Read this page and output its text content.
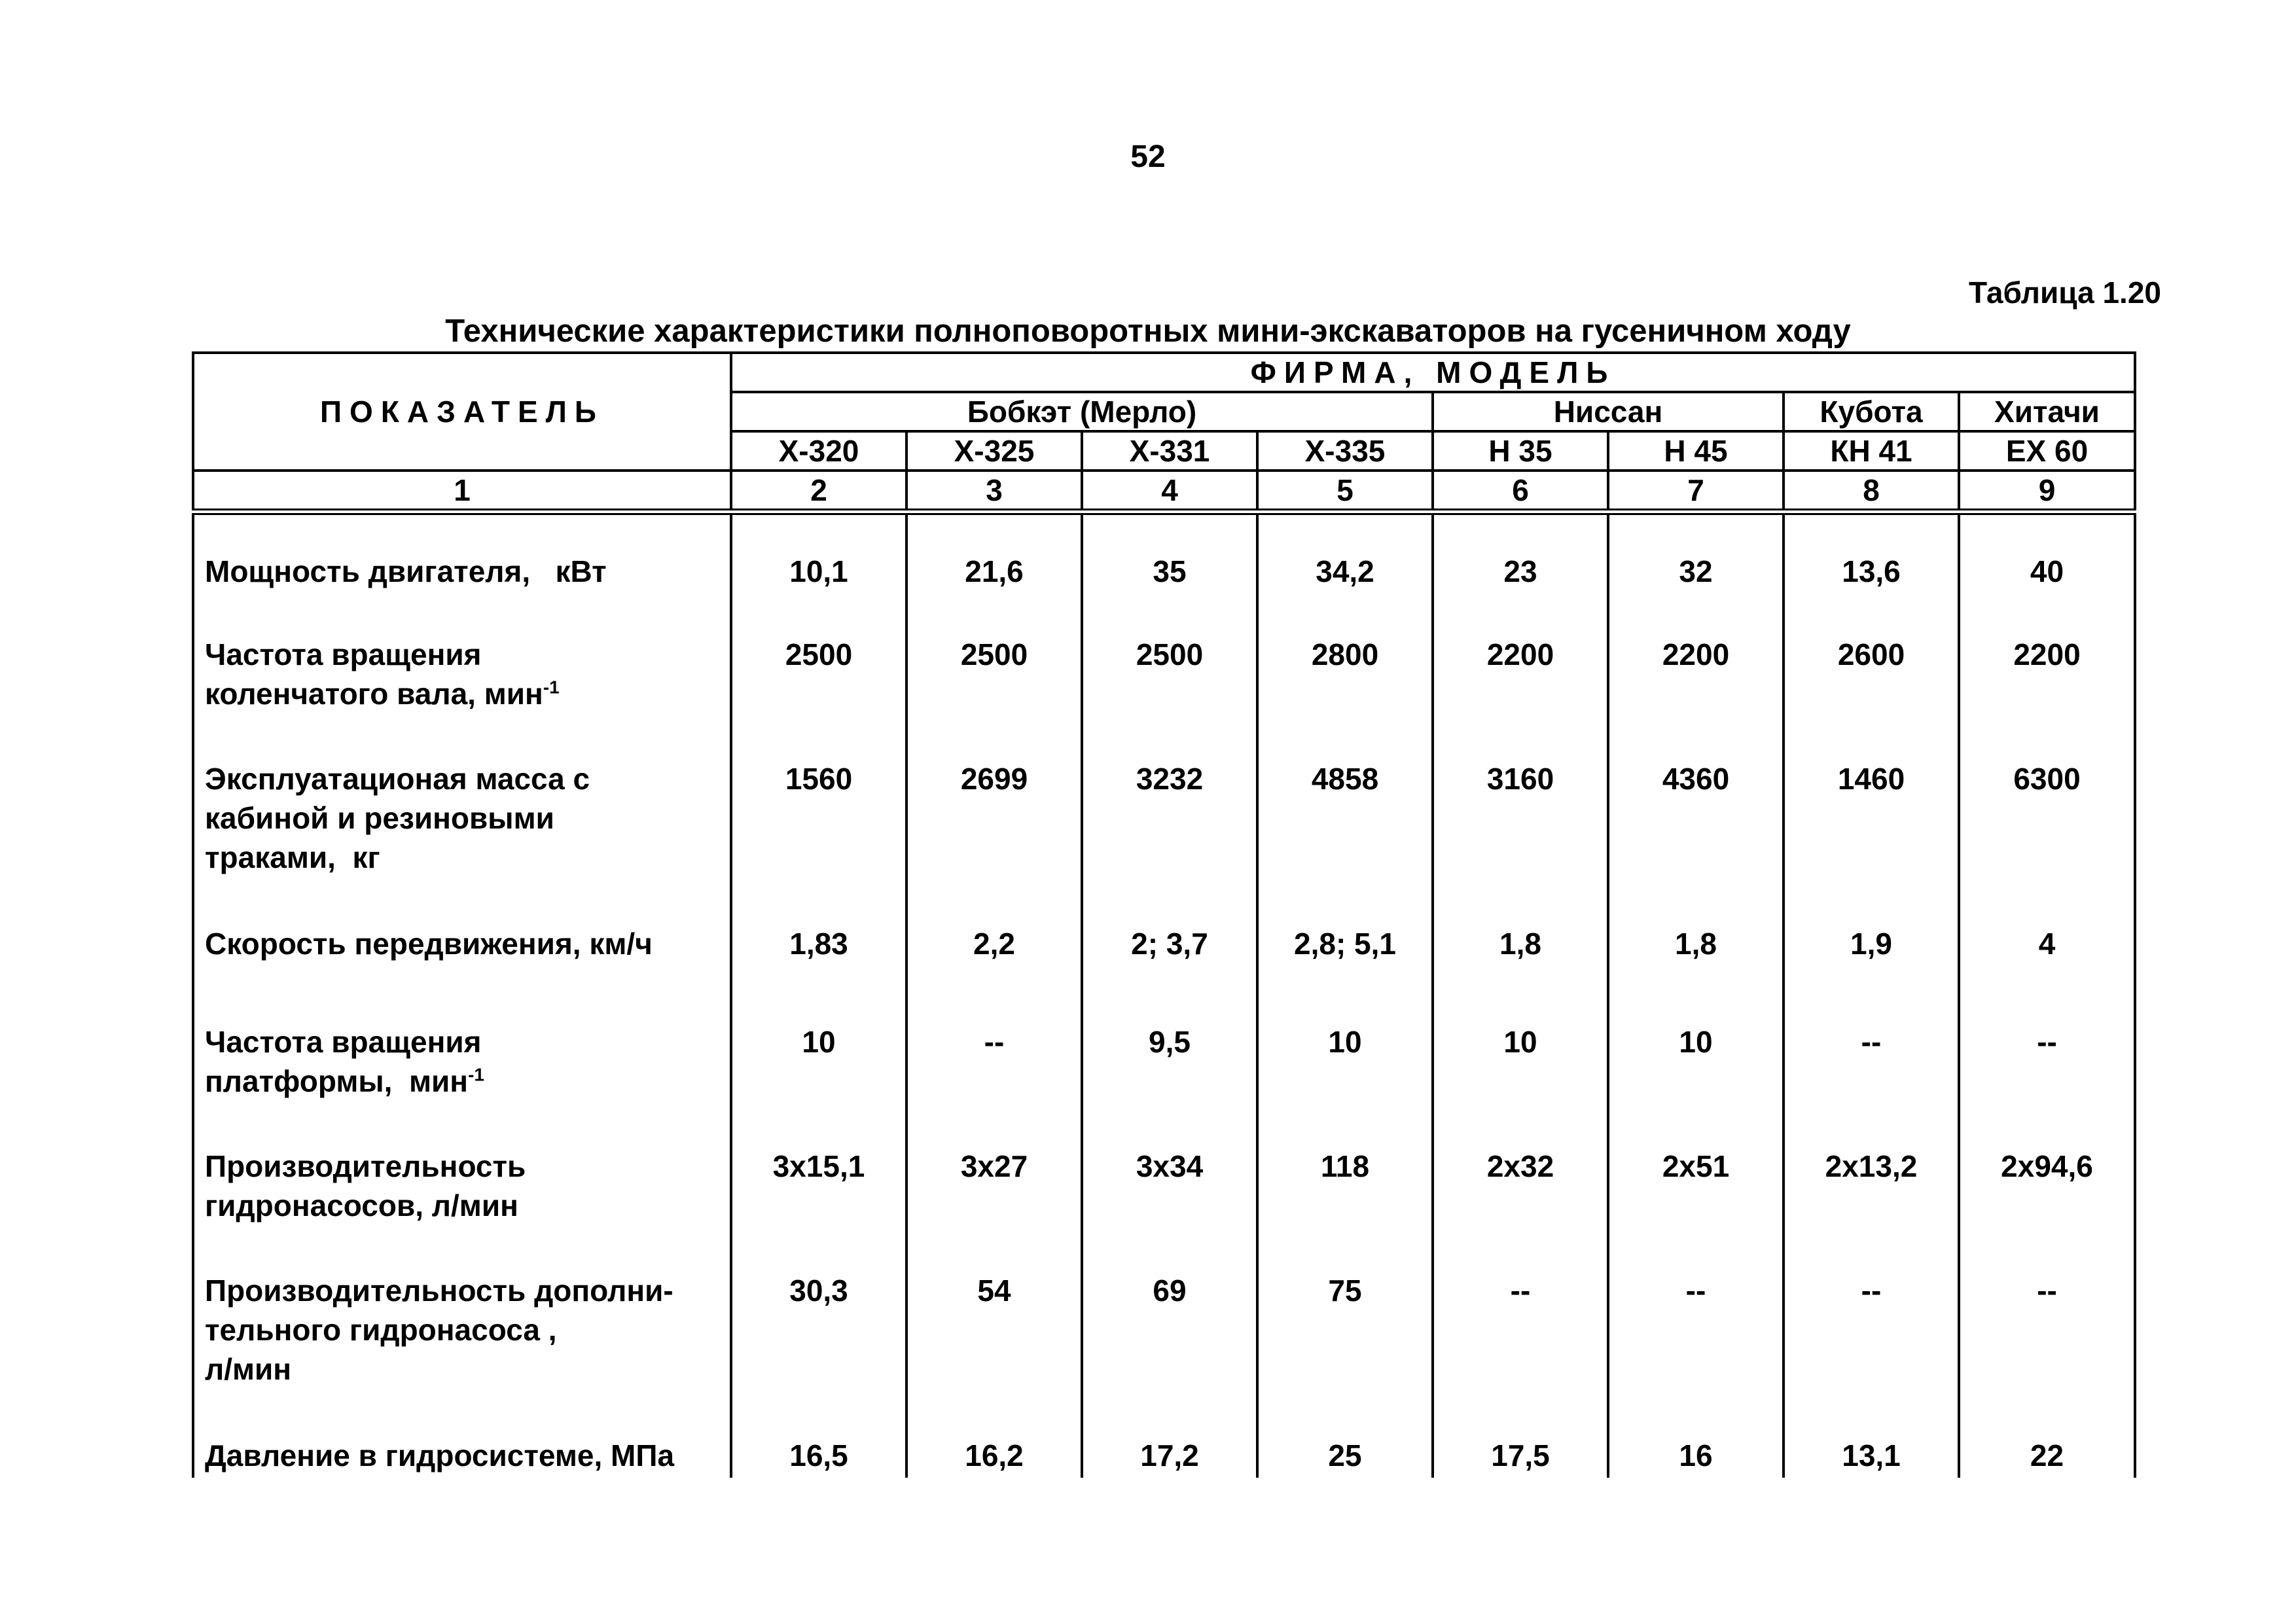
52
Таблица 1.20
Технические характеристики полноповоротных мини-экскаваторов на гусеничном ходу
ПОКАЗАТЕЛЬ	ФИРМА, МОДЕЛЬ							
	Бобкэт (Мерло)				Ниссан		Кубота	Хитачи
	X-320	X-325	X-331	X-335	Н 35	Н 45	КН 41	ЕХ 60
1	2	3	4	5	6	7	8	9

Мощность двигателя,   кВт	10,1	21,6	35	34,2	23	32	13,6	40

Частота вращения
коленчатого вала, мин$^{-1}$	2500	2500	2500	2800	2200	2200	2600	2200

Эксплуатационая масса с
кабиной и резиновыми
траками,  кг	1560	2699	3232	4858	3160	4360	1460	6300

Скорость передвижения, км/ч	1,83	2,2	2; 3,7	2,8; 5,1	1,8	1,8	1,9	4

Частота вращения
платформы,  мин$^{-1}$	10	--	9,5	10	10	10	--	--

Производительность
гидронасосов, л/мин	3х15,1	3х27	3х34	118	2х32	2х51	2х13,2	2х94,6

Производительность дополни-
тельного гидронасоса ,
л/мин	30,3	54	69	75	--	--	--	--

Давление в гидросистеме, МПа	16,5	16,2	17,2	25	17,5	16	13,1	22
